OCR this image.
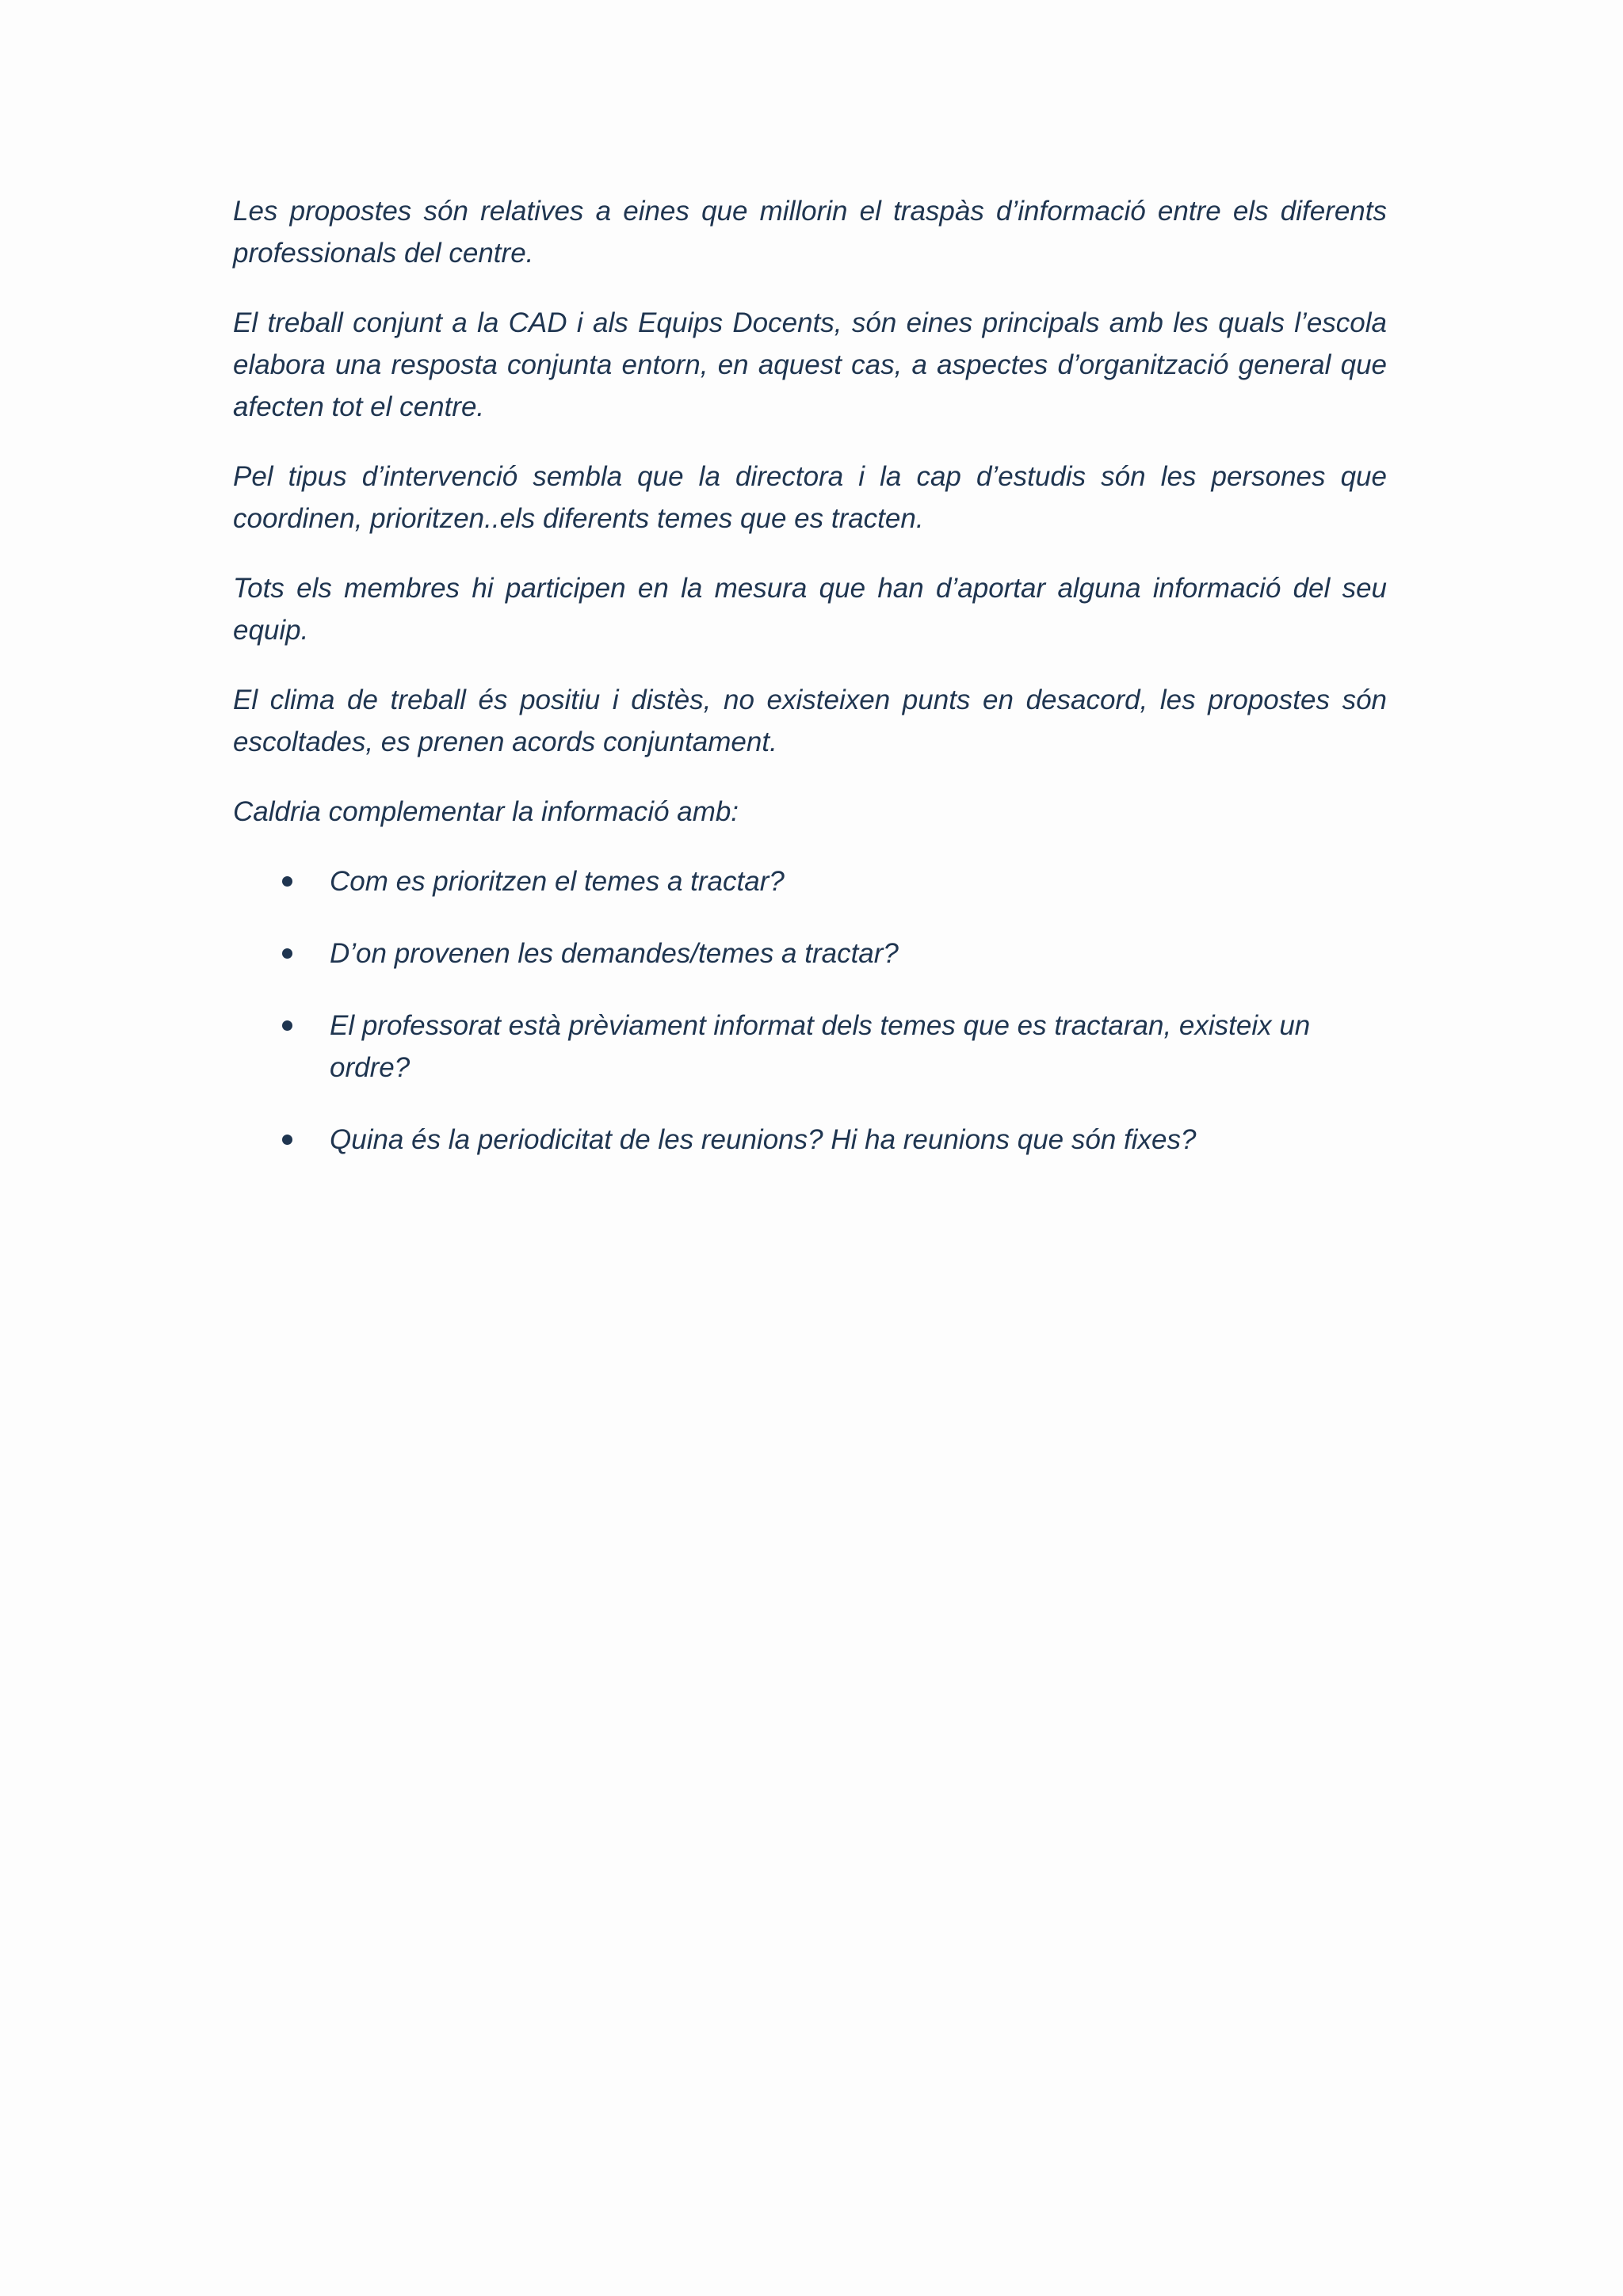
Les propostes són relatives a eines que millorin el traspàs d’informació entre els diferents professionals del centre.

El treball conjunt a la CAD i als Equips Docents, són eines principals amb les quals l’escola elabora una resposta conjunta entorn, en aquest cas, a aspectes d’organització general que afecten tot el centre.

Pel tipus d’intervenció sembla que la directora i la cap d’estudis són les persones que coordinen, prioritzen..els diferents temes que es tracten.

Tots els membres hi participen en la mesura que han d’aportar alguna informació del seu equip.

El clima de treball és positiu i distès, no existeixen punts en desacord, les propostes són escoltades, es prenen acords conjuntament.

Caldria complementar la informació amb:

Com es prioritzen el temes a tractar?
D’on provenen les demandes/temes a tractar?
El professorat està prèviament informat dels temes que es tractaran, existeix un ordre?
Quina és la periodicitat de les reunions? Hi ha reunions que són fixes?
